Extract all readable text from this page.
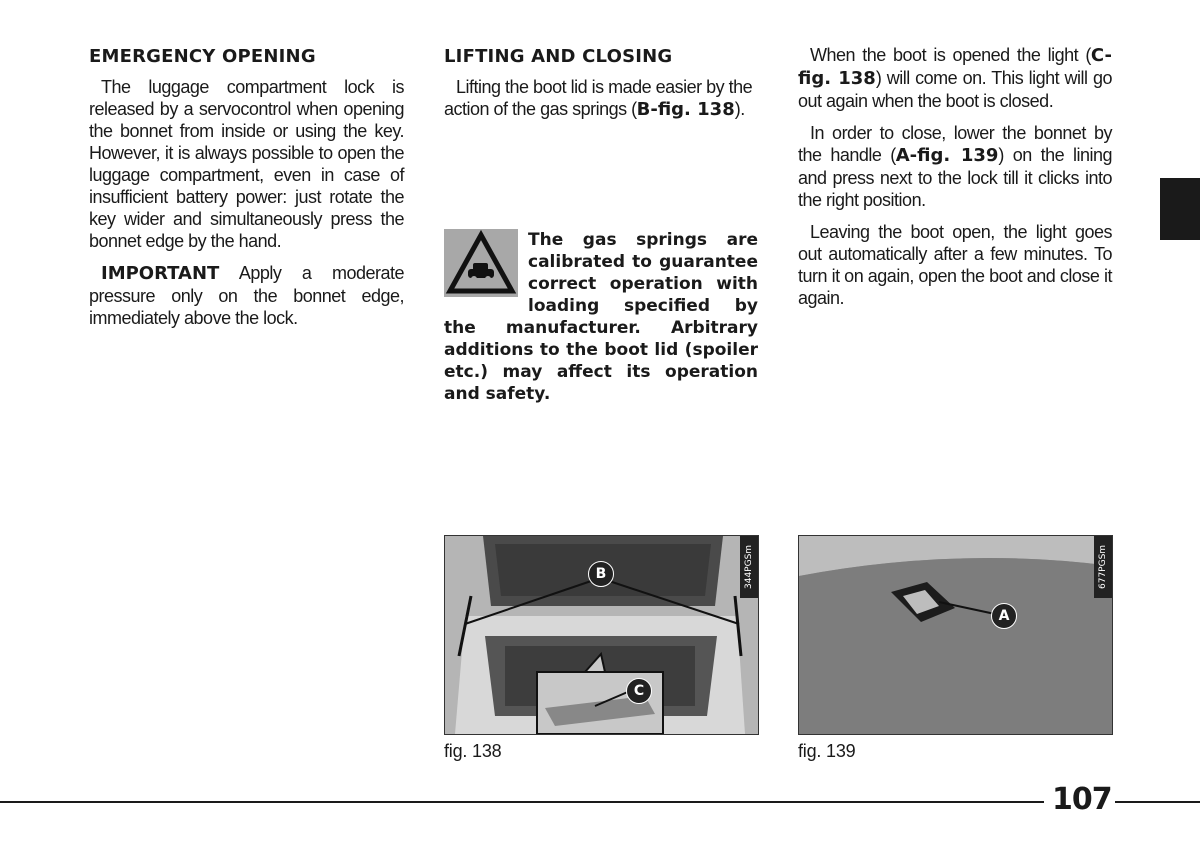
EMERGENCY OPENING

The luggage compartment lock is released by a servocontrol when opening the bonnet from inside or using the key. However, it is always possible to open the luggage compartment, even in case of insufficient battery power: just rotate the key wider and simultaneously press the bonnet edge by the hand.

IMPORTANT Apply a moderate pressure only on the bonnet edge, immediately above the lock.

LIFTING AND CLOSING

Lifting the boot lid is made easier by the action of the gas springs (B-fig. 138).

The gas springs are calibrated to guarantee correct operation with loading specified by the manufacturer. Arbitrary additions to the boot lid (spoiler etc.) may affect its operation and safety.

When the boot is opened the light (C-fig. 138) will come on. This light will go out again when the boot is closed.

In order to close, lower the bonnet by the handle (A-fig. 139) on the lining and press next to the lock till it clicks into the right position.

Leaving the boot open, the light goes out automatically after a few minutes. To turn it on again, open the boot and close it again.

344PGSm
B
C
fig. 138
677PGSm
A
fig. 139
107
